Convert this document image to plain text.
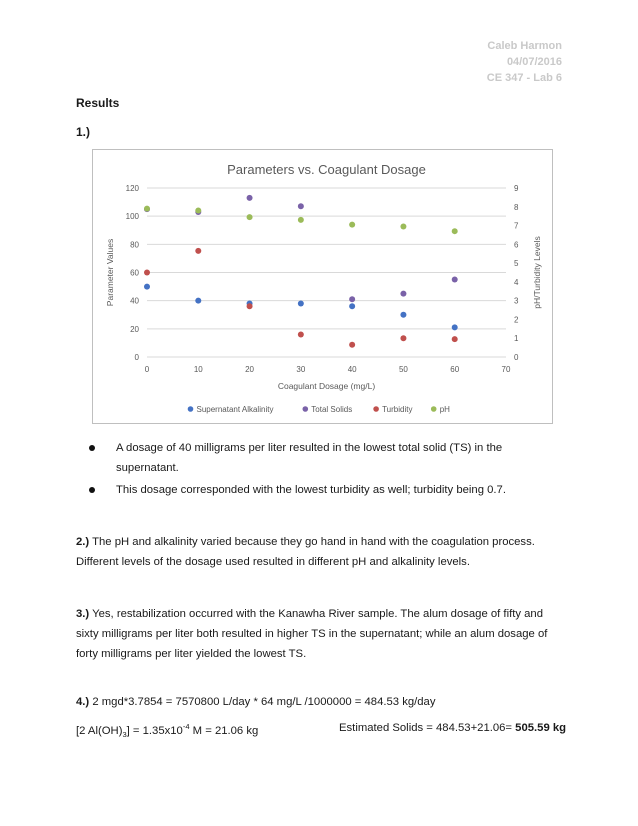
Caleb Harmon
04/07/2016
CE 347 - Lab 6
Results
1.)
Parameters vs. Coagulant Dosage
0
20
40
60
80
100
120
0
1
2
3
4
5
6
7
8
9
0	10	20	30	40	50	60	70
Coagulant Dosage (mg/L)
Parameter Values	pH/Turbidity Levels
Supernatant Alkalinity	Total Solids	Turbidity	pH
A dosage of 40 milligrams per liter resulted in the lowest total solid (TS) in the supernatant.
This dosage corresponded with the lowest turbidity as well; turbidity being 0.7.
2.) The pH and alkalinity varied because they go hand in hand with the coagulation process. Different levels of the dosage used resulted in different pH and alkalinity levels.
3.) Yes, restabilization occurred with the Kanawha River sample. The alum dosage of fifty and sixty milligrams per liter both resulted in higher TS in the supernatant; while an alum dosage of forty milligrams per liter yielded the lowest TS.
4.) 2 mgd*3.7854 = 7570800 L/day * 64 mg/L /1000000 = 484.53 kg/day
[2 $Al(OH)_3] = 1.35x10^{-4}$ M = 21.06 kg	Estimated Solids = 484.53+21.06= 505.59 kg
